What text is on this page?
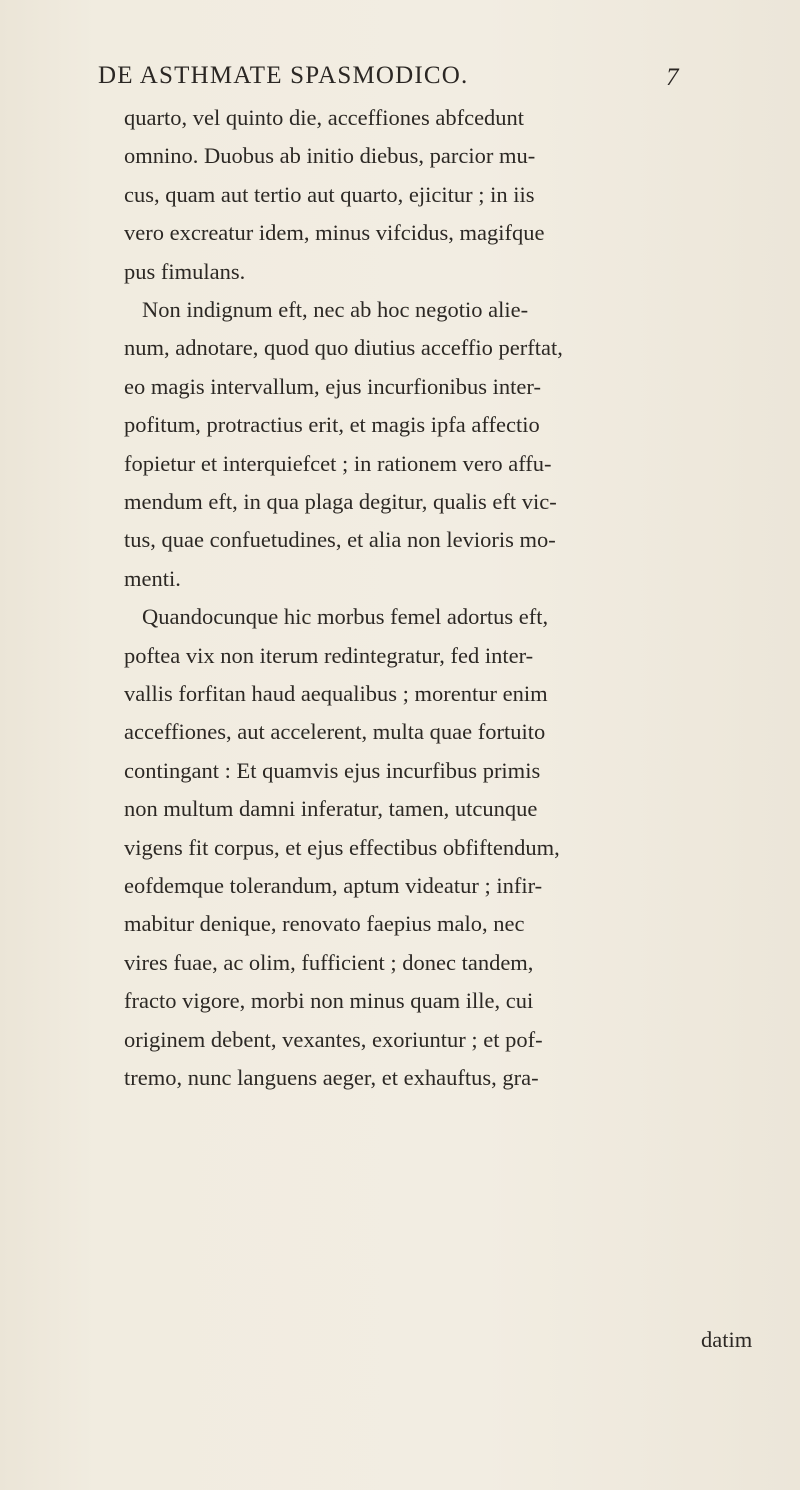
DE ASTHMATE SPASMODICO.	7
quarto, vel quinto die, acceffiones abfcedunt
omnino. Duobus ab initio diebus, parcior mu-
cus, quam aut tertio aut quarto, ejicitur ; in iis
vero excreatur idem, minus vifcidus, magifque
pus fimulans.
Non indignum eft, nec ab hoc negotio alie-
num, adnotare, quod quo diutius acceffio perftat,
eo magis intervallum, ejus incurfionibus inter-
pofitum, protractius erit, et magis ipfa affectio
fopietur et interquiefcet ; in rationem vero affu-
mendum eft, in qua plaga degitur, qualis eft vic-
tus, quae confuetudines, et alia non levioris mo-
menti.
Quandocunque hic morbus femel adortus eft,
poftea vix non iterum redintegratur, fed inter-
vallis forfitan haud aequalibus ; morentur enim
acceffiones, aut accelerent, multa quae fortuito
contingant : Et quamvis ejus incurfibus primis
non multum damni inferatur, tamen, utcunque
vigens fit corpus, et ejus effectibus obfiftendum,
eofdemque tolerandum, aptum videatur ; infir-
mabitur denique, renovato faepius malo, nec
vires fuae, ac olim, fufficient ; donec tandem,
fracto vigore, morbi non minus quam ille, cui
originem debent, vexantes, exoriuntur ; et pof-
tremo, nunc languens aeger, et exhauftus, gra-
datim
